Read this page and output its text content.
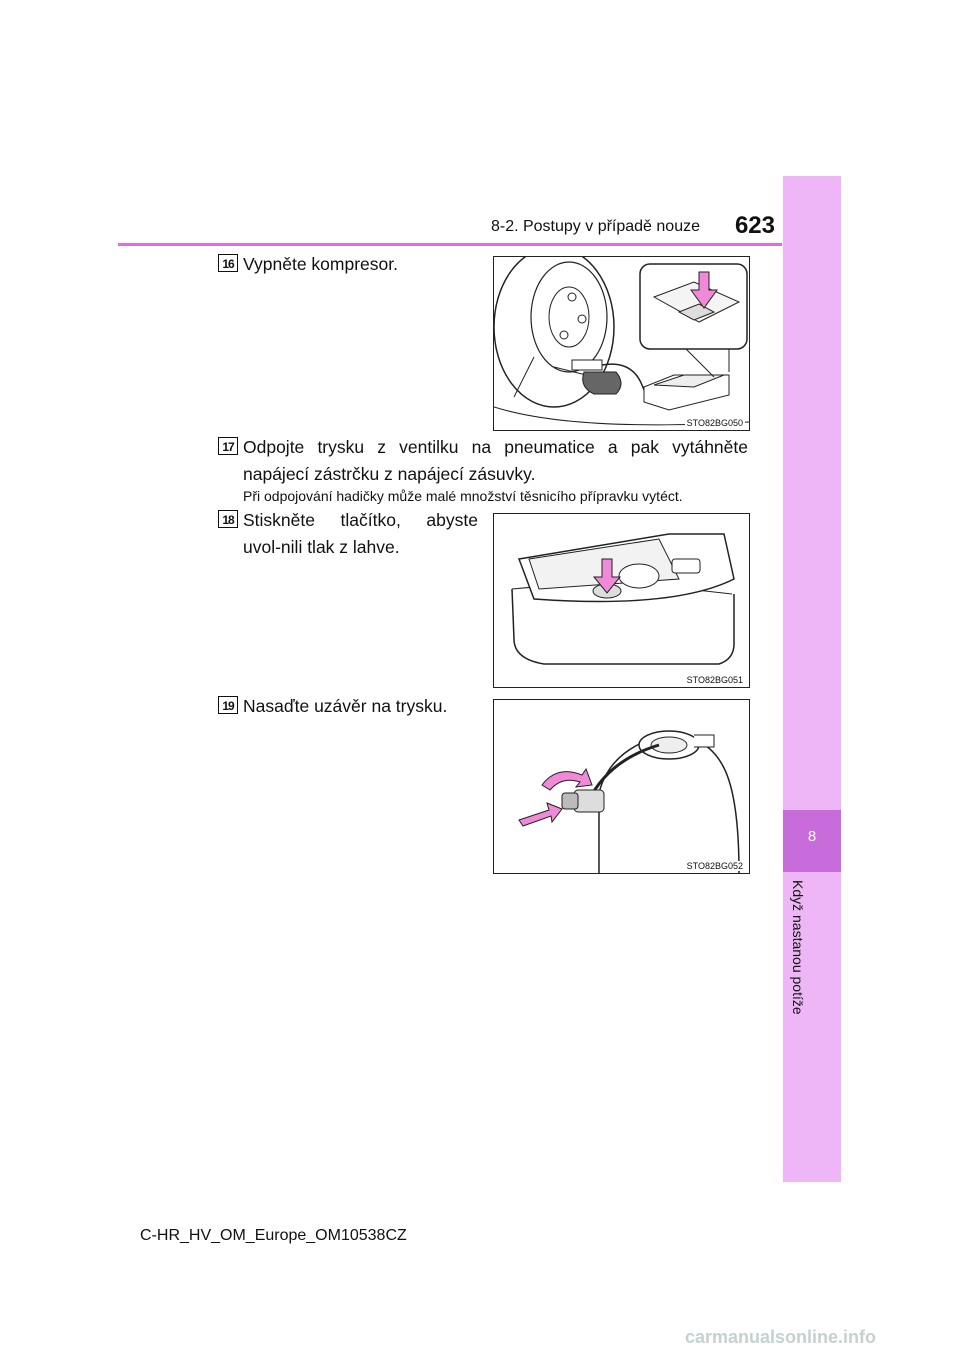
8-2. Postupy v případě nouze	623
8
Když nastanou potíže
16 Vypněte kompresor.
STO82BG050
17 Odpojte trysku z ventilku na pneumatice a pak vytáhněte napájecí zástrčku z napájecí zásuvky.
Při odpojování hadičky může malé množství těsnicího přípravku vytéct.
18 Stiskněte tlačítko, abyste uvol-nili tlak z lahve.
STO82BG051
19 Nasaďte uzávěr na trysku.
STO82BG052
C-HR_HV_OM_Europe_OM10538CZ
carmanualsonline.info
